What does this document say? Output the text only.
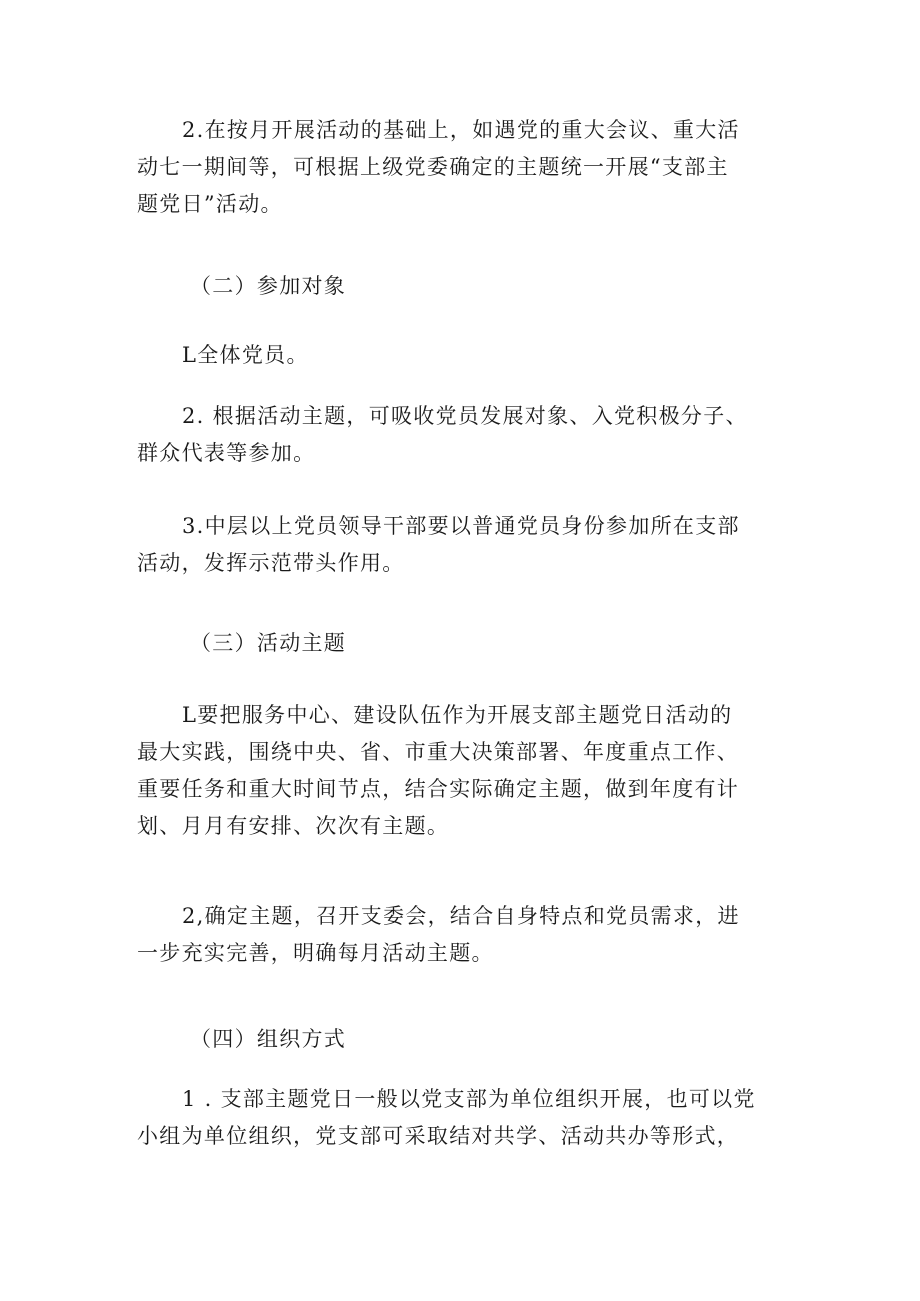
2.在按月开展活动的基础上，如遇党的重大会议、重大活
动七一期间等，可根据上级党委确定的主题统一开展“支部主
题党日”活动。
（二）参加对象
L全体党员。
2. 根据活动主题，可吸收党员发展对象、入党积极分子、
群众代表等参加。
3.中层以上党员领导干部要以普通党员身份参加所在支部
活动，发挥示范带头作用。
（三）活动主题
L要把服务中心、建设队伍作为开展支部主题党日活动的
最大实践，围绕中央、省、市重大决策部署、年度重点工作、
重要任务和重大时间节点，结合实际确定主题，做到年度有计
划、月月有安排、次次有主题。
2,确定主题，召开支委会，结合自身特点和党员需求，进
一步充实完善，明确每月活动主题。
（四）组织方式
1 . 支部主题党日一般以党支部为单位组织开展，也可以党
小组为单位组织，党支部可采取结对共学、活动共办等形式，
